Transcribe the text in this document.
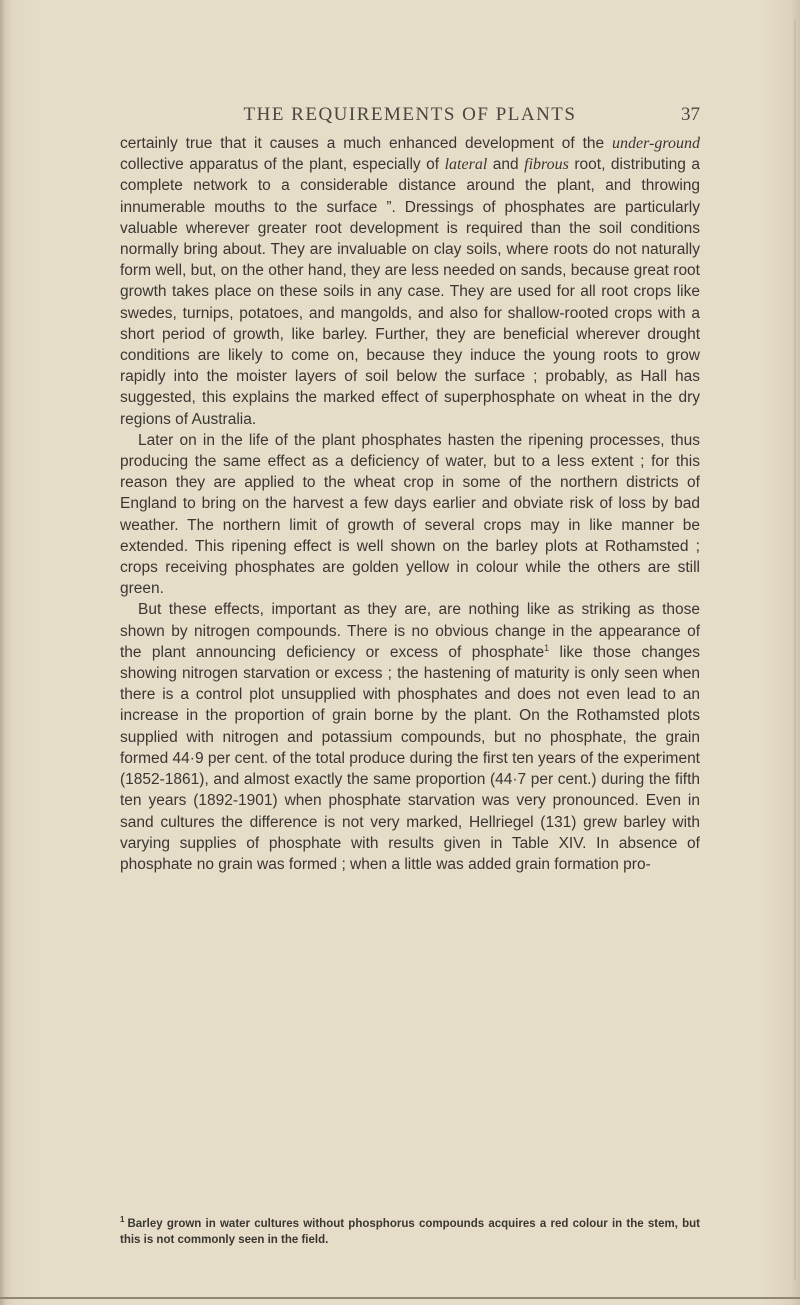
THE REQUIREMENTS OF PLANTS	37

certainly true that it causes a much enhanced development of the under-ground collective apparatus of the plant, especially of lateral and fibrous root, distributing a complete network to a considerable distance around the plant, and throwing innumerable mouths to the surface ”. Dressings of phosphates are particularly valuable wherever greater root development is required than the soil conditions normally bring about. They are invaluable on clay soils, where roots do not naturally form well, but, on the other hand, they are less needed on sands, because great root growth takes place on these soils in any case. They are used for all root crops like swedes, turnips, potatoes, and mangolds, and also for shallow-rooted crops with a short period of growth, like barley. Further, they are beneficial wherever drought conditions are likely to come on, because they induce the young roots to grow rapidly into the moister layers of soil below the surface ; probably, as Hall has suggested, this explains the marked effect of superphosphate on wheat in the dry regions of Australia.

Later on in the life of the plant phosphates hasten the ripening processes, thus producing the same effect as a deficiency of water, but to a less extent ; for this reason they are applied to the wheat crop in some of the northern districts of England to bring on the harvest a few days earlier and obviate risk of loss by bad weather. The northern limit of growth of several crops may in like manner be extended. This ripening effect is well shown on the barley plots at Rothamsted ; crops receiving phosphates are golden yellow in colour while the others are still green.

But these effects, important as they are, are nothing like as striking as those shown by nitrogen compounds. There is no obvious change in the appearance of the plant announcing deficiency or excess of phosphate$^1$ like those changes showing nitrogen starvation or excess ; the hastening of maturity is only seen when there is a control plot unsupplied with phosphates and does not even lead to an increase in the proportion of grain borne by the plant. On the Rothamsted plots supplied with nitrogen and potassium compounds, but no phosphate, the grain formed 44·9 per cent. of the total produce during the first ten years of the experiment (1852-1861), and almost exactly the same proportion (44·7 per cent.) during the fifth ten years (1892-1901) when phosphate starvation was very pronounced. Even in sand cultures the difference is not very marked, Hellriegel (131) grew barley with varying supplies of phosphate with results given in Table XIV. In absence of phosphate no grain was formed ; when a little was added grain formation pro-

$^1$ Barley grown in water cultures without phosphorus compounds acquires a red colour in the stem, but this is not commonly seen in the field.
